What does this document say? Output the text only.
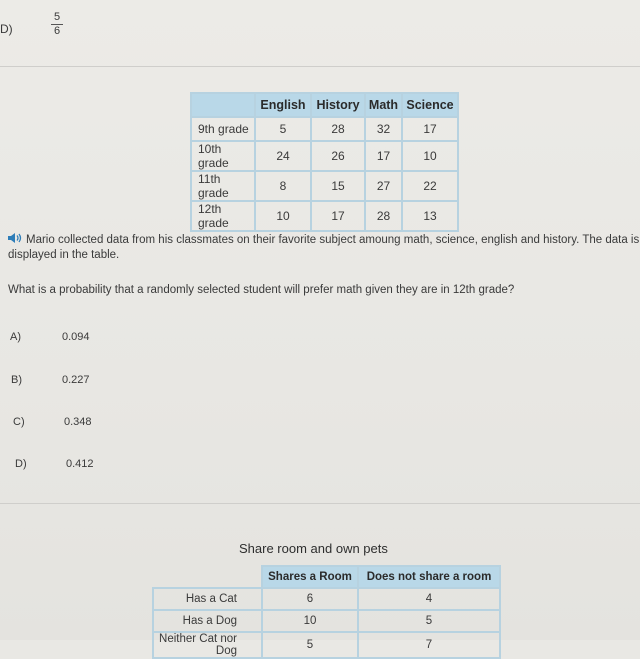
D)
5
6
	English	History	Math	Science
9th grade	5	28	32	17
10th grade	24	26	17	10
11th grade	8	15	27	22
12th grade	10	17	28	13
Mario collected data from his classmates on their favorite subject amoung math, science, english and history. The data is displayed in the table.
What is a probability that a randomly selected student will prefer math given they are in 12th grade?
A)	0.094
B)	0.227
C)	0.348
D)	0.412
Share room and own pets
	Shares a Room	Does not share a room
Has a Cat	6	4
Has a Dog	10	5
Neither Cat nor Dog	5	7
